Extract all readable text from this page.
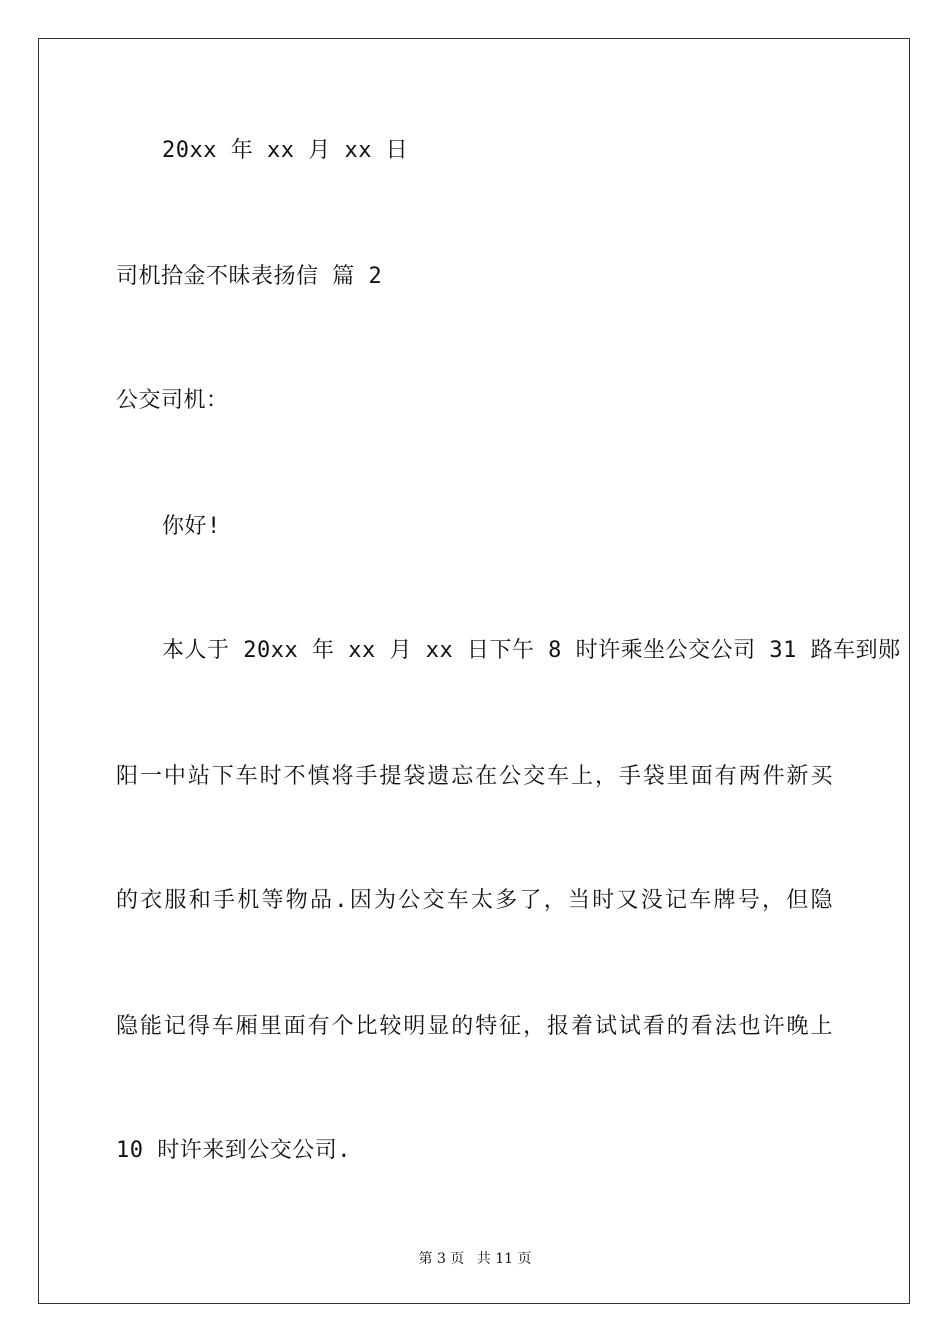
20xx 年 xx 月 xx 日
司机拾金不昧表扬信 篇 2
公交司机：
你好!
本人于 20xx 年 xx 月 xx 日下午 8 时许乘坐公交公司 31 路车到郧
阳一中站下车时不慎将手提袋遗忘在公交车上，手袋里面有两件新买
的衣服和手机等物品.因为公交车太多了，当时又没记车牌号，但隐
隐能记得车厢里面有个比较明显的特征，报着试试看的看法也许晚上
10 时许来到公交公司.
第 3 页 共 11 页
